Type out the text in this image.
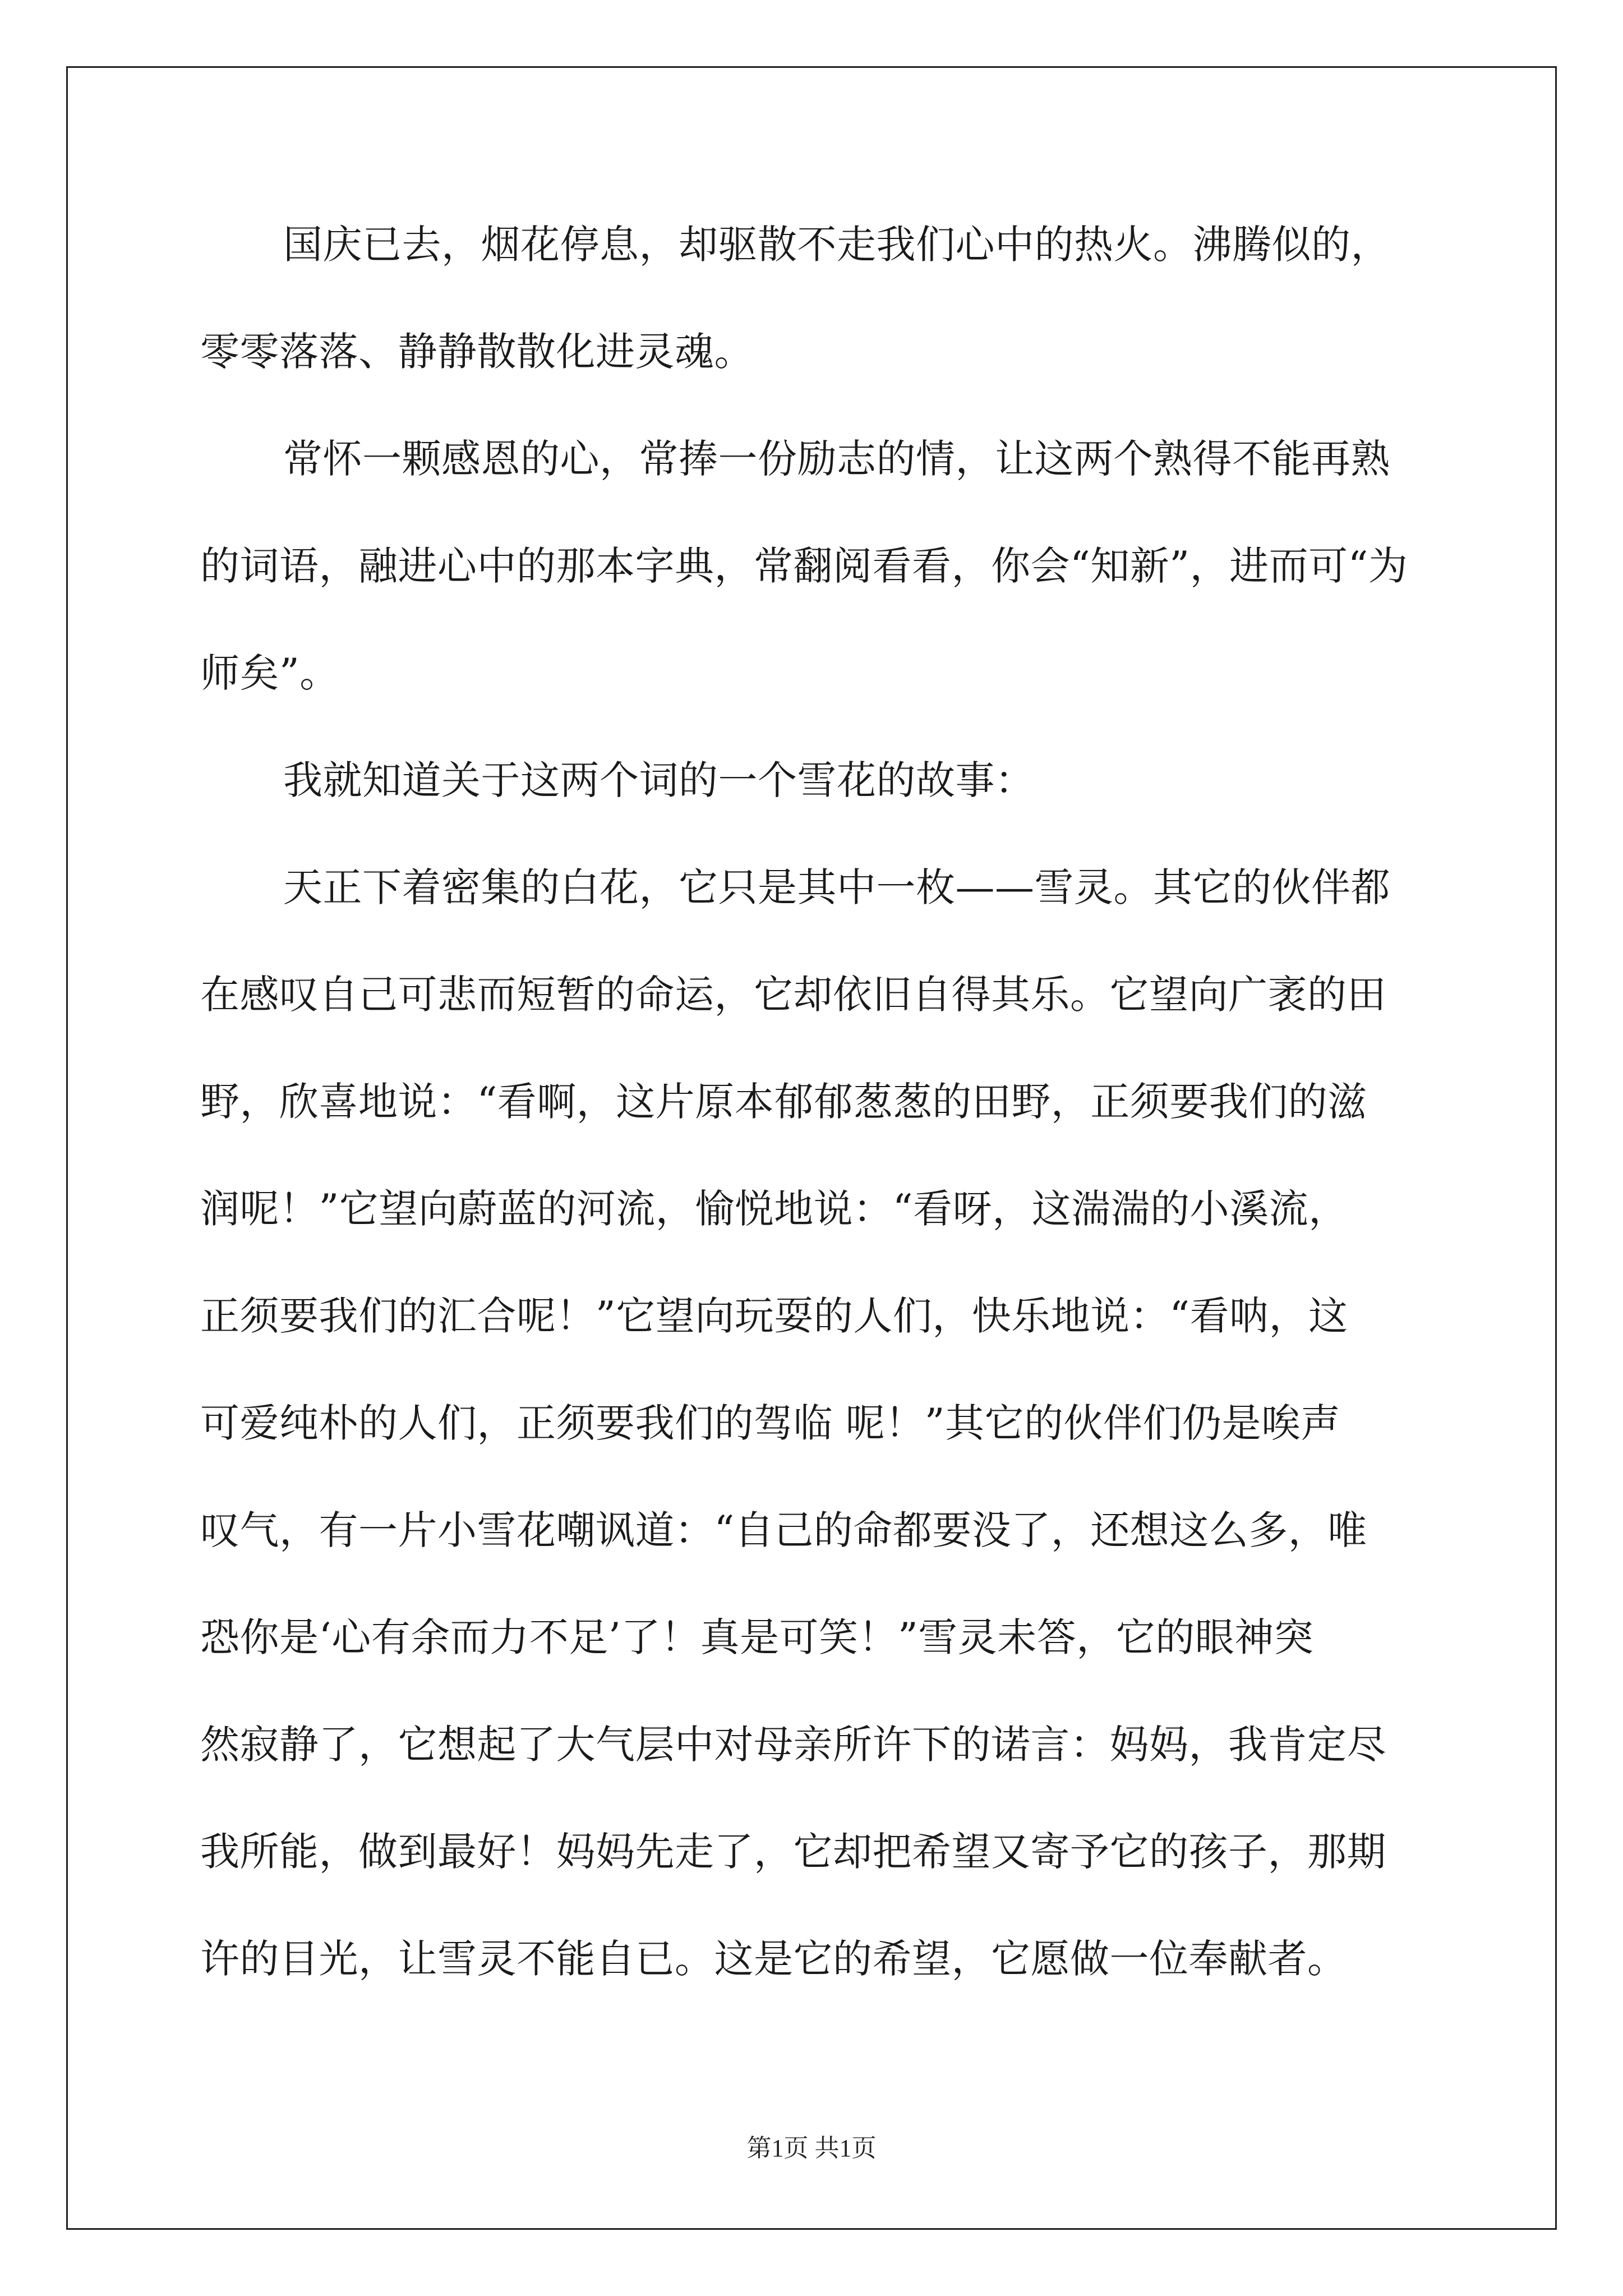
国庆已去，烟花停息，却驱散不走我们心中的热火。沸腾似的，
零零落落、静静散散化进灵魂。
常怀一颗感恩的心，常捧一份励志的情，让这两个熟得不能再熟
的词语，融进心中的那本字典，常翻阅看看，你会“知新”，进而可“为
师矣”。
我就知道关于这两个词的一个雪花的故事：
天正下着密集的白花，它只是其中一枚——雪灵。其它的伙伴都
在感叹自己可悲而短暂的命运，它却依旧自得其乐。它望向广袤的田
野，欣喜地说：“看啊，这片原本郁郁葱葱的田野，正须要我们的滋
润呢！”它望向蔚蓝的河流，愉悦地说：“看呀，这湍湍的小溪流，
正须要我们的汇合呢！”它望向玩耍的人们，快乐地说：“看呐，这
可爱纯朴的人们，正须要我们的驾临 呢！”其它的伙伴们仍是唉声
叹气，有一片小雪花嘲讽道：“自己的命都要没了，还想这么多，唯
恐你是‘心有余而力不足’了！真是可笑！”雪灵未答，它的眼神突
然寂静了，它想起了大气层中对母亲所许下的诺言：妈妈，我肯定尽
我所能，做到最好！妈妈先走了，它却把希望又寄予它的孩子，那期
许的目光，让雪灵不能自已。这是它的希望，它愿做一位奉献者。
第1页 共1页
